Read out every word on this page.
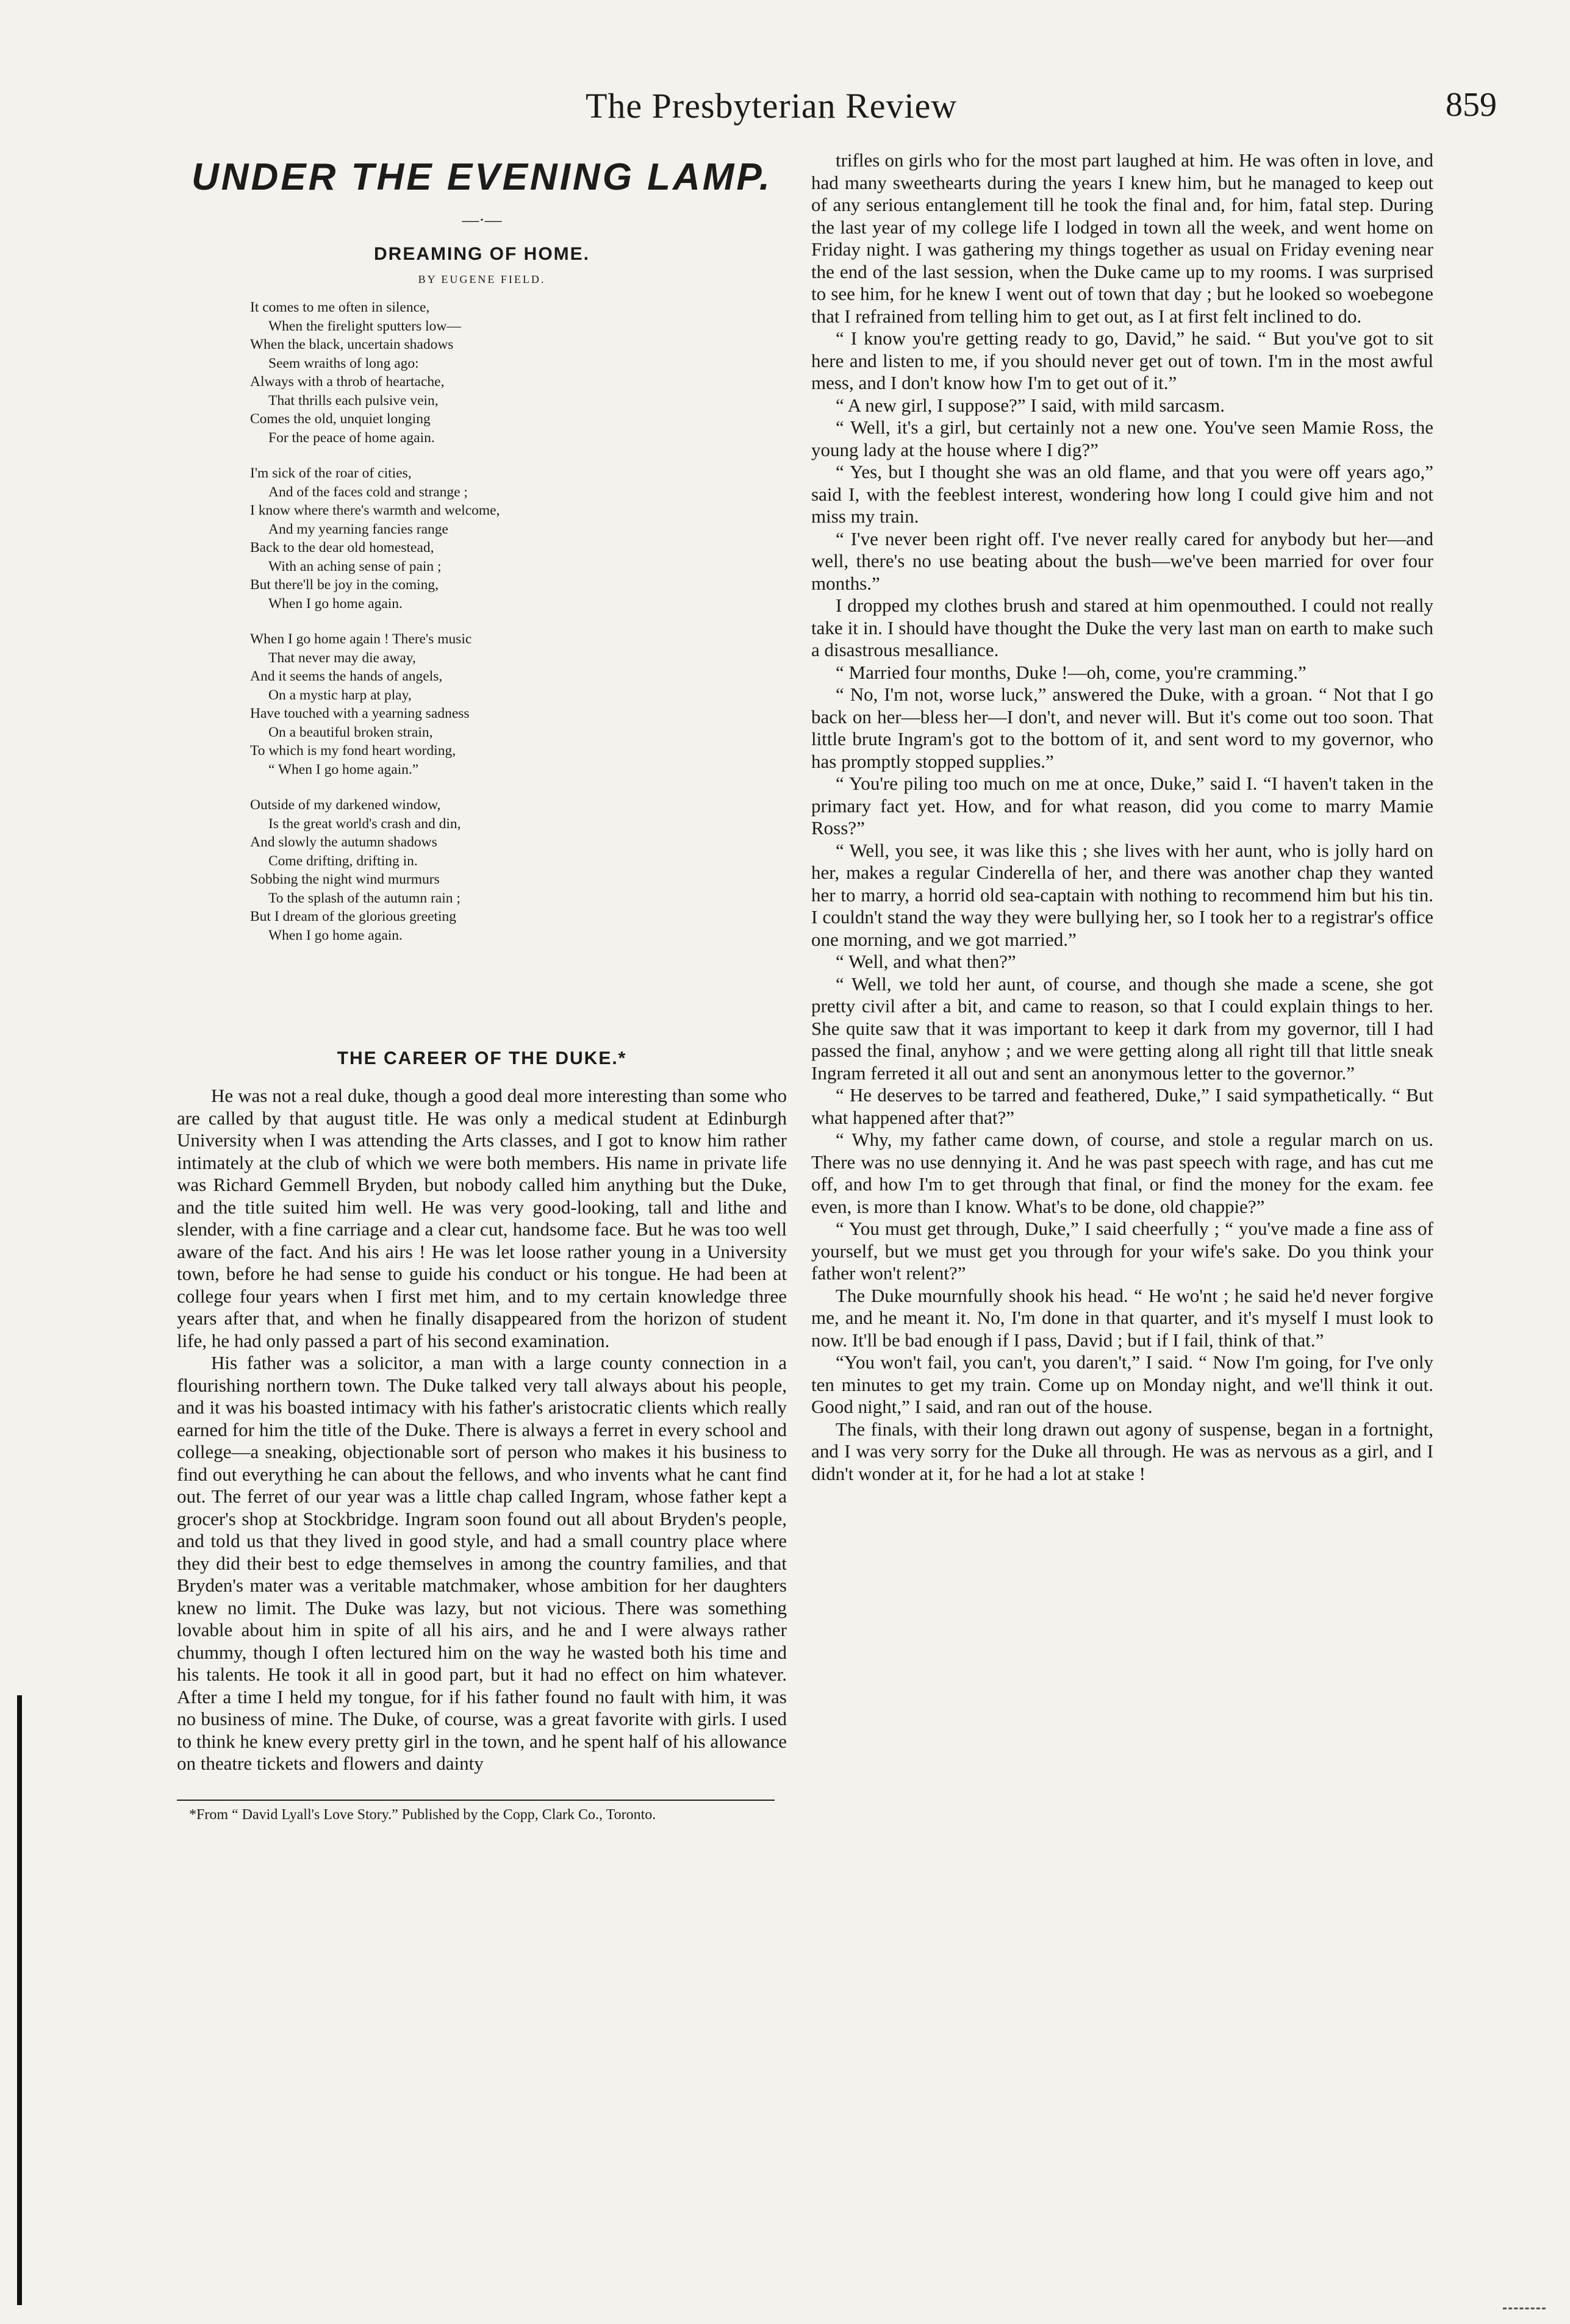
The Presbyterian Review	859
UNDER THE EVENING LAMP.
—·—
DREAMING OF HOME.
BY EUGENE FIELD.
It comes to me often in silence,
When the firelight sputters low—
When the black, uncertain shadows
Seem wraiths of long ago:
Always with a throb of heartache,
That thrills each pulsive vein,
Comes the old, unquiet longing
For the peace of home again.
I'm sick of the roar of cities,
And of the faces cold and strange ;
I know where there's warmth and welcome,
And my yearning fancies range
Back to the dear old homestead,
With an aching sense of pain ;
But there'll be joy in the coming,
When I go home again.
When I go home again ! There's music
That never may die away,
And it seems the hands of angels,
On a mystic harp at play,
Have touched with a yearning sadness
On a beautiful broken strain,
To which is my fond heart wording,
“ When I go home again.”
Outside of my darkened window,
Is the great world's crash and din,
And slowly the autumn shadows
Come drifting, drifting in.
Sobbing the night wind murmurs
To the splash of the autumn rain ;
But I dream of the glorious greeting
When I go home again.
THE CAREER OF THE DUKE.*

He was not a real duke, though a good deal more interesting than some who are called by that august title. He was only a medical student at Edinburgh University when I was attending the Arts classes, and I got to know him rather intimately at the club of which we were both members. His name in private life was Richard Gemmell Bryden, but nobody called him anything but the Duke, and the title suited him well. He was very good-looking, tall and lithe and slender, with a fine carriage and a clear cut, handsome face. But he was too well aware of the fact. And his airs ! He was let loose rather young in a University town, before he had sense to guide his conduct or his tongue. He had been at college four years when I first met him, and to my certain knowledge three years after that, and when he finally disappeared from the horizon of student life, he had only passed a part of his second examination.

His father was a solicitor, a man with a large county connection in a flourishing northern town. The Duke talked very tall always about his people, and it was his boasted intimacy with his father's aristocratic clients which really earned for him the title of the Duke. There is always a ferret in every school and college—a sneaking, objectionable sort of person who makes it his business to find out everything he can about the fellows, and who invents what he cant find out. The ferret of our year was a little chap called Ingram, whose father kept a grocer's shop at Stockbridge. Ingram soon found out all about Bryden's people, and told us that they lived in good style, and had a small country place where they did their best to edge themselves in among the country families, and that Bryden's mater was a veritable matchmaker, whose ambition for her daughters knew no limit. The Duke was lazy, but not vicious. There was something lovable about him in spite of all his airs, and he and I were always rather chummy, though I often lectured him on the way he wasted both his time and his talents. He took it all in good part, but it had no effect on him whatever. After a time I held my tongue, for if his father found no fault with him, it was no business of mine. The Duke, of course, was a great favorite with girls. I used to think he knew every pretty girl in the town, and he spent half of his allowance on theatre tickets and flowers and dainty

*From “ David Lyall's Love Story.” Published by the Copp, Clark Co., Toronto.

trifles on girls who for the most part laughed at him. He was often in love, and had many sweethearts during the years I knew him, but he managed to keep out of any serious entanglement till he took the final and, for him, fatal step. During the last year of my college life I lodged in town all the week, and went home on Friday night. I was gathering my things together as usual on Friday evening near the end of the last session, when the Duke came up to my rooms. I was surprised to see him, for he knew I went out of town that day ; but he looked so woebegone that I refrained from telling him to get out, as I at first felt inclined to do.

“ I know you're getting ready to go, David,” he said. “ But you've got to sit here and listen to me, if you should never get out of town. I'm in the most awful mess, and I don't know how I'm to get out of it.”

“ A new girl, I suppose?” I said, with mild sarcasm.

“ Well, it's a girl, but certainly not a new one. You've seen Mamie Ross, the young lady at the house where I dig?”

“ Yes, but I thought she was an old flame, and that you were off years ago,” said I, with the feeblest interest, wondering how long I could give him and not miss my train.

“ I've never been right off. I've never really cared for anybody but her—and well, there's no use beating about the bush—we've been married for over four months.”

I dropped my clothes brush and stared at him openmouthed. I could not really take it in. I should have thought the Duke the very last man on earth to make such a disastrous mesalliance.

“ Married four months, Duke !—oh, come, you're cramming.”

“ No, I'm not, worse luck,” answered the Duke, with a groan. “ Not that I go back on her—bless her—I don't, and never will. But it's come out too soon. That little brute Ingram's got to the bottom of it, and sent word to my governor, who has promptly stopped supplies.”

“ You're piling too much on me at once, Duke,” said I. “I haven't taken in the primary fact yet. How, and for what reason, did you come to marry Mamie Ross?”

“ Well, you see, it was like this ; she lives with her aunt, who is jolly hard on her, makes a regular Cinderella of her, and there was another chap they wanted her to marry, a horrid old sea-captain with nothing to recommend him but his tin. I couldn't stand the way they were bullying her, so I took her to a registrar's office one morning, and we got married.”

“ Well, and what then?”

“ Well, we told her aunt, of course, and though she made a scene, she got pretty civil after a bit, and came to reason, so that I could explain things to her. She quite saw that it was important to keep it dark from my governor, till I had passed the final, anyhow ; and we were getting along all right till that little sneak Ingram ferreted it all out and sent an anonymous letter to the governor.”

“ He deserves to be tarred and feathered, Duke,” I said sympathetically. “ But what happened after that?”

“ Why, my father came down, of course, and stole a regular march on us. There was no use dennying it. And he was past speech with rage, and has cut me off, and how I'm to get through that final, or find the money for the exam. fee even, is more than I know. What's to be done, old chappie?”

“ You must get through, Duke,” I said cheerfully ; “ you've made a fine ass of yourself, but we must get you through for your wife's sake. Do you think your father won't relent?”

The Duke mournfully shook his head. “ He wo'nt ; he said he'd never forgive me, and he meant it. No, I'm done in that quarter, and it's myself I must look to now. It'll be bad enough if I pass, David ; but if I fail, think of that.”

“You won't fail, you can't, you daren't,” I said. “ Now I'm going, for I've only ten minutes to get my train. Come up on Monday night, and we'll think it out. Good night,” I said, and ran out of the house.

The finals, with their long drawn out agony of suspense, began in a fortnight, and I was very sorry for the Duke all through. He was as nervous as a girl, and I didn't wonder at it, for he had a lot at stake !
